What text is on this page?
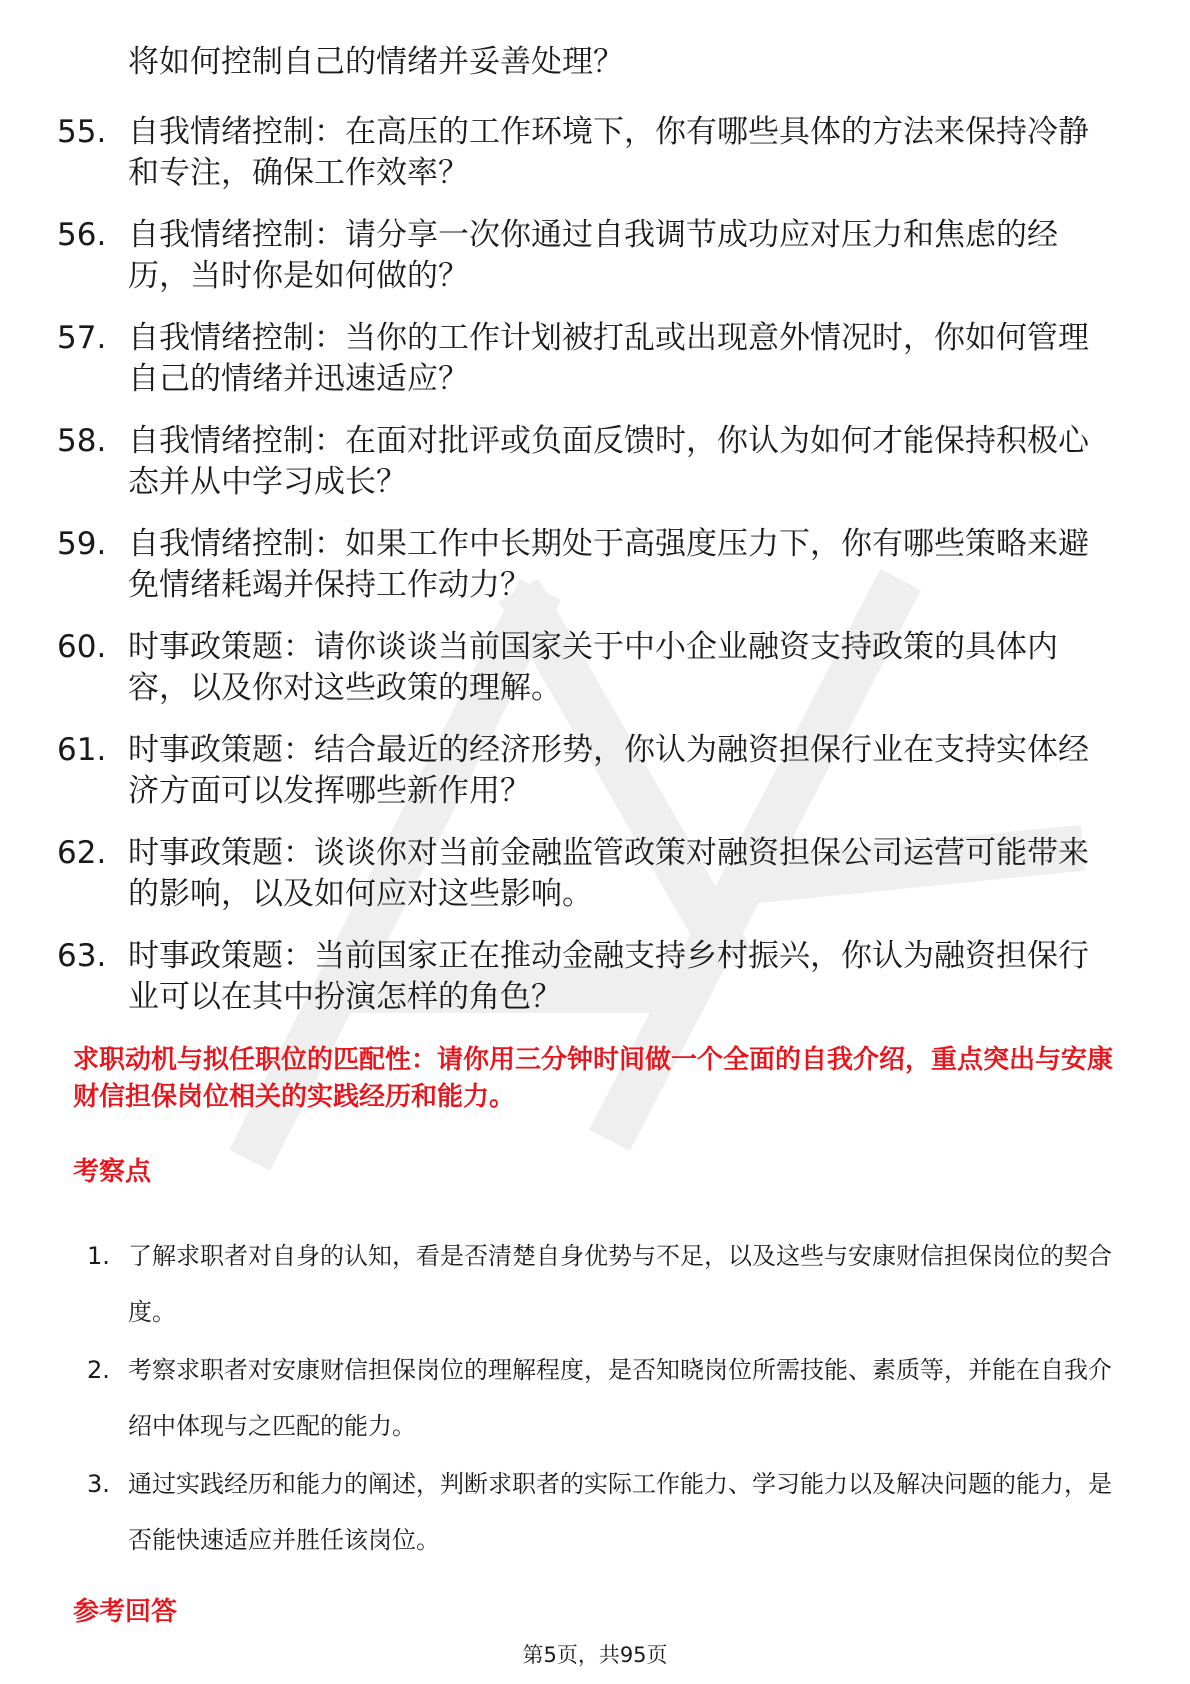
将如何控制自己的情绪并妥善处理？

55. 自我情绪控制：在高压的工作环境下，你有哪些具体的方法来保持冷静和专注，确保工作效率？
56. 自我情绪控制：请分享一次你通过自我调节成功应对压力和焦虑的经历，当时你是如何做的？
57. 自我情绪控制：当你的工作计划被打乱或出现意外情况时，你如何管理自己的情绪并迅速适应？
58. 自我情绪控制：在面对批评或负面反馈时，你认为如何才能保持积极心态并从中学习成长？
59. 自我情绪控制：如果工作中长期处于高强度压力下，你有哪些策略来避免情绪耗竭并保持工作动力？
60. 时事政策题：请你谈谈当前国家关于中小企业融资支持政策的具体内容，以及你对这些政策的理解。
61. 时事政策题：结合最近的经济形势，你认为融资担保行业在支持实体经济方面可以发挥哪些新作用？
62. 时事政策题：谈谈你对当前金融监管政策对融资担保公司运营可能带来的影响，以及如何应对这些影响。
63. 时事政策题：当前国家正在推动金融支持乡村振兴，你认为融资担保行业可以在其中扮演怎样的角色？
求职动机与拟任职位的匹配性：请你用三分钟时间做一个全面的自我介绍，重点突出与安康财信担保岗位相关的实践经历和能力。
考察点
1. 了解求职者对自身的认知，看是否清楚自身优势与不足，以及这些与安康财信担保岗位的契合度。
2. 考察求职者对安康财信担保岗位的理解程度，是否知晓岗位所需技能、素质等，并能在自我介绍中体现与之匹配的能力。
3. 通过实践经历和能力的阐述，判断求职者的实际工作能力、学习能力以及解决问题的能力，是否能快速适应并胜任该岗位。
参考回答
第5页，共95页
